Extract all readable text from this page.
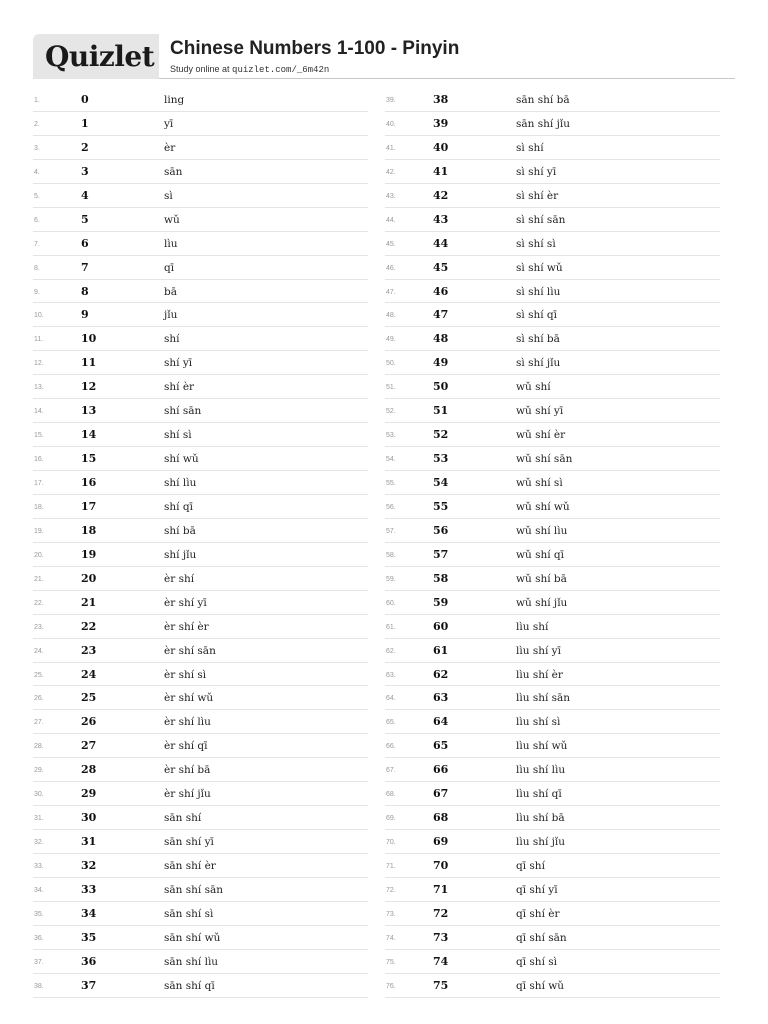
Quizlet Chinese Numbers 1-100 - Pinyin
Study online at quizlet.com/_6m42n
1.	0	ling
2.	1	yī
3.	2	èr
4.	3	sān
5.	4	sì
6.	5	wǔ
7.	6	lìu
8.	7	qī
9.	8	bā
10.	9	jǐu
11.	10	shí
12.	11	shí yī
13.	12	shí èr
14.	13	shí sān
15.	14	shí sì
16.	15	shí wǔ
17.	16	shí lìu
18.	17	shí qī
19.	18	shí bā
20.	19	shí jǐu
21.	20	èr shí
22.	21	èr shí yī
23.	22	èr shí èr
24.	23	èr shí sān
25.	24	èr shí sì
26.	25	èr shí wǔ
27.	26	èr shí lìu
28.	27	èr shí qī
29.	28	èr shí bā
30.	29	èr shí jǐu
31.	30	sān shí
32.	31	sān shí yī
33.	32	sān shí èr
34.	33	sān shí sān
35.	34	sān shí sì
36.	35	sān shí wǔ
37.	36	sān shí lìu
38.	37	sān shí qī
39.	38	sān shí bā
40.	39	sān shí jǐu
41.	40	sì shí
42.	41	sì shí yī
43.	42	sì shí èr
44.	43	sì shí sān
45.	44	sì shí sì
46.	45	sì shí wǔ
47.	46	sì shí lìu
48.	47	sì shí qī
49.	48	sì shí bā
50.	49	sì shí jǐu
51.	50	wǔ shí
52.	51	wǔ shí yī
53.	52	wǔ shí èr
54.	53	wǔ shí sān
55.	54	wǔ shí sì
56.	55	wǔ shí wǔ
57.	56	wǔ shí lìu
58.	57	wǔ shí qī
59.	58	wǔ shí bā
60.	59	wǔ shí jǐu
61.	60	lìu shí
62.	61	lìu shí yī
63.	62	lìu shí èr
64.	63	lìu shí sān
65.	64	lìu shí sì
66.	65	lìu shí wǔ
67.	66	lìu shí lìu
68.	67	lìu shí qī
69.	68	lìu shí bā
70.	69	lìu shí jǐu
71.	70	qī shí
72.	71	qī shí yī
73.	72	qī shí èr
74.	73	qī shí sān
75.	74	qī shí sì
76.	75	qī shí wǔ
